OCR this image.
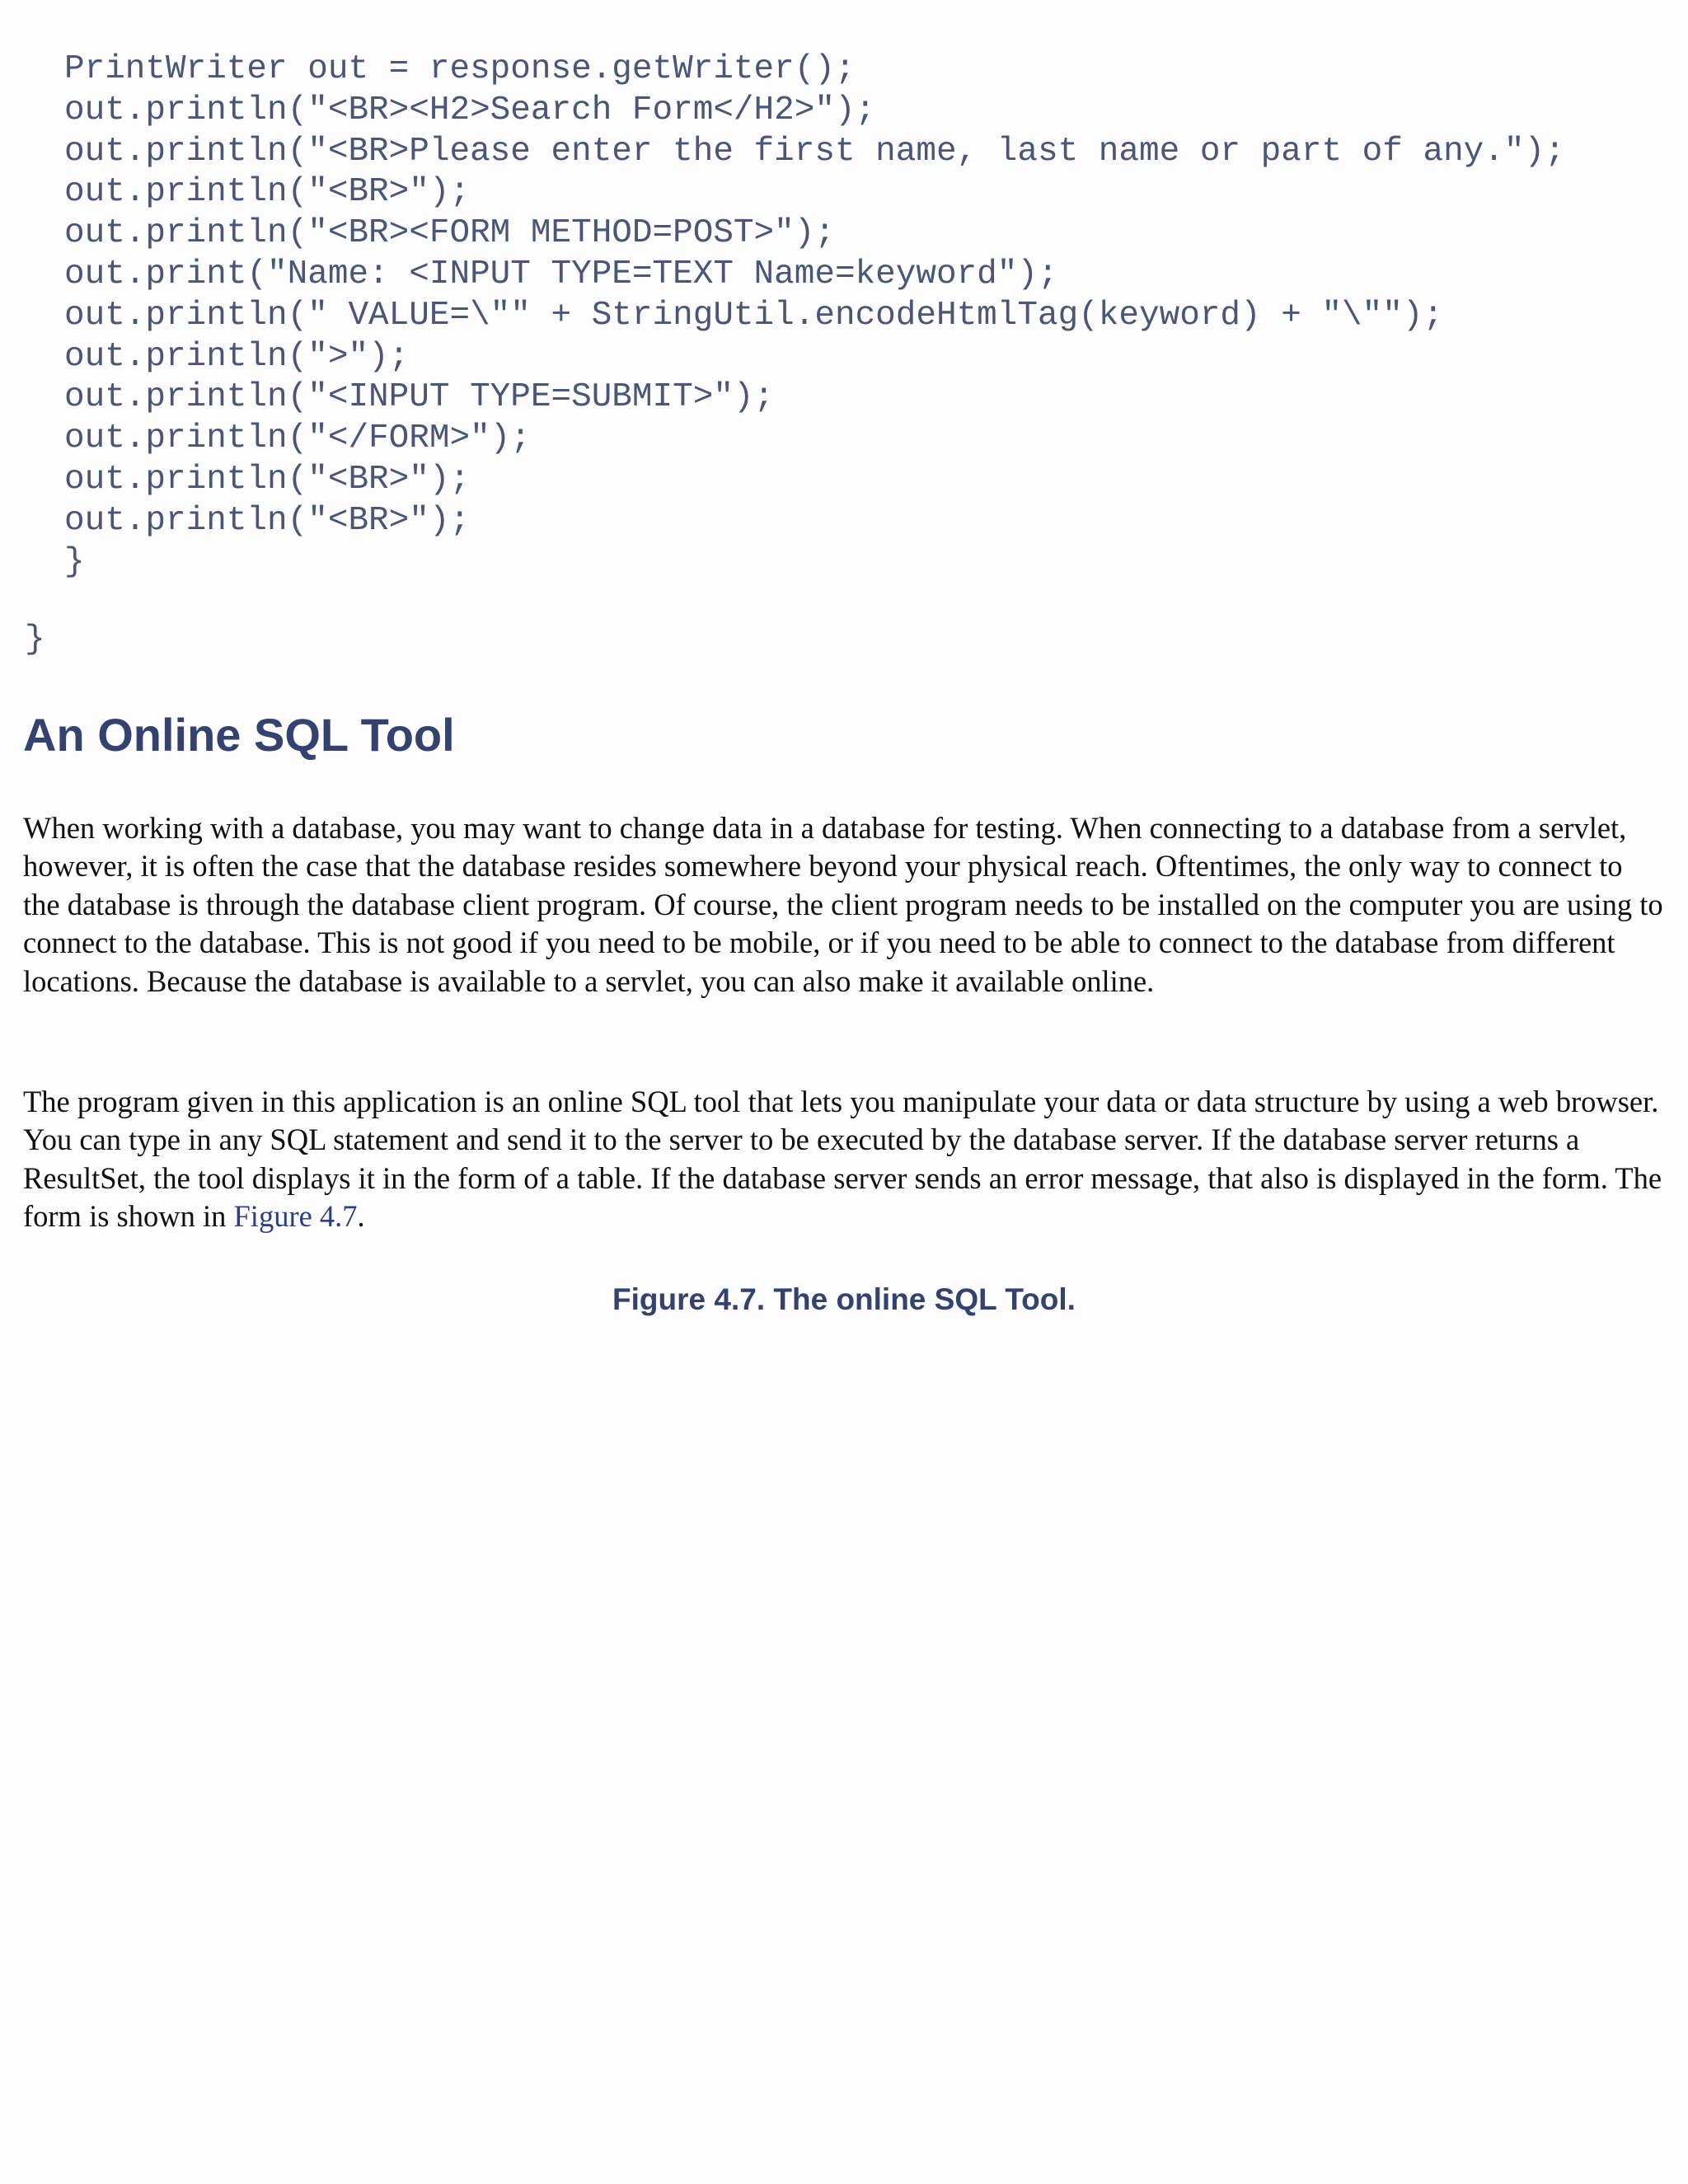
PrintWriter out = response.getWriter();
out.println("<BR><H2>Search Form</H2>");
out.println("<BR>Please enter the first name, last name or part of any.");
out.println("<BR>");
out.println("<BR><FORM METHOD=POST>");
out.print("Name: <INPUT TYPE=TEXT Name=keyword");
out.println(" VALUE=\"" + StringUtil.encodeHtmlTag(keyword) + "\"");
out.println(">");
out.println("<INPUT TYPE=SUBMIT>");
out.println("</FORM>");
out.println("<BR>");
out.println("<BR>");
}
}
An Online SQL Tool

When working with a database, you may want to change data in a database for testing. When connecting to a database from a servlet, however, it is often the case that the database resides somewhere beyond your physical reach. Oftentimes, the only way to connect to the database is through the database client program. Of course, the client program needs to be installed on the computer you are using to connect to the database. This is not good if you need to be mobile, or if you need to be able to connect to the database from different locations. Because the database is available to a servlet, you can also make it available online.

The program given in this application is an online SQL tool that lets you manipulate your data or data structure by using a web browser. You can type in any SQL statement and send it to the server to be executed by the database server. If the database server returns a ResultSet, the tool displays it in the form of a table. If the database server sends an error message, that also is displayed in the form. The form is shown in Figure 4.7.

Figure 4.7. The online SQL Tool.
